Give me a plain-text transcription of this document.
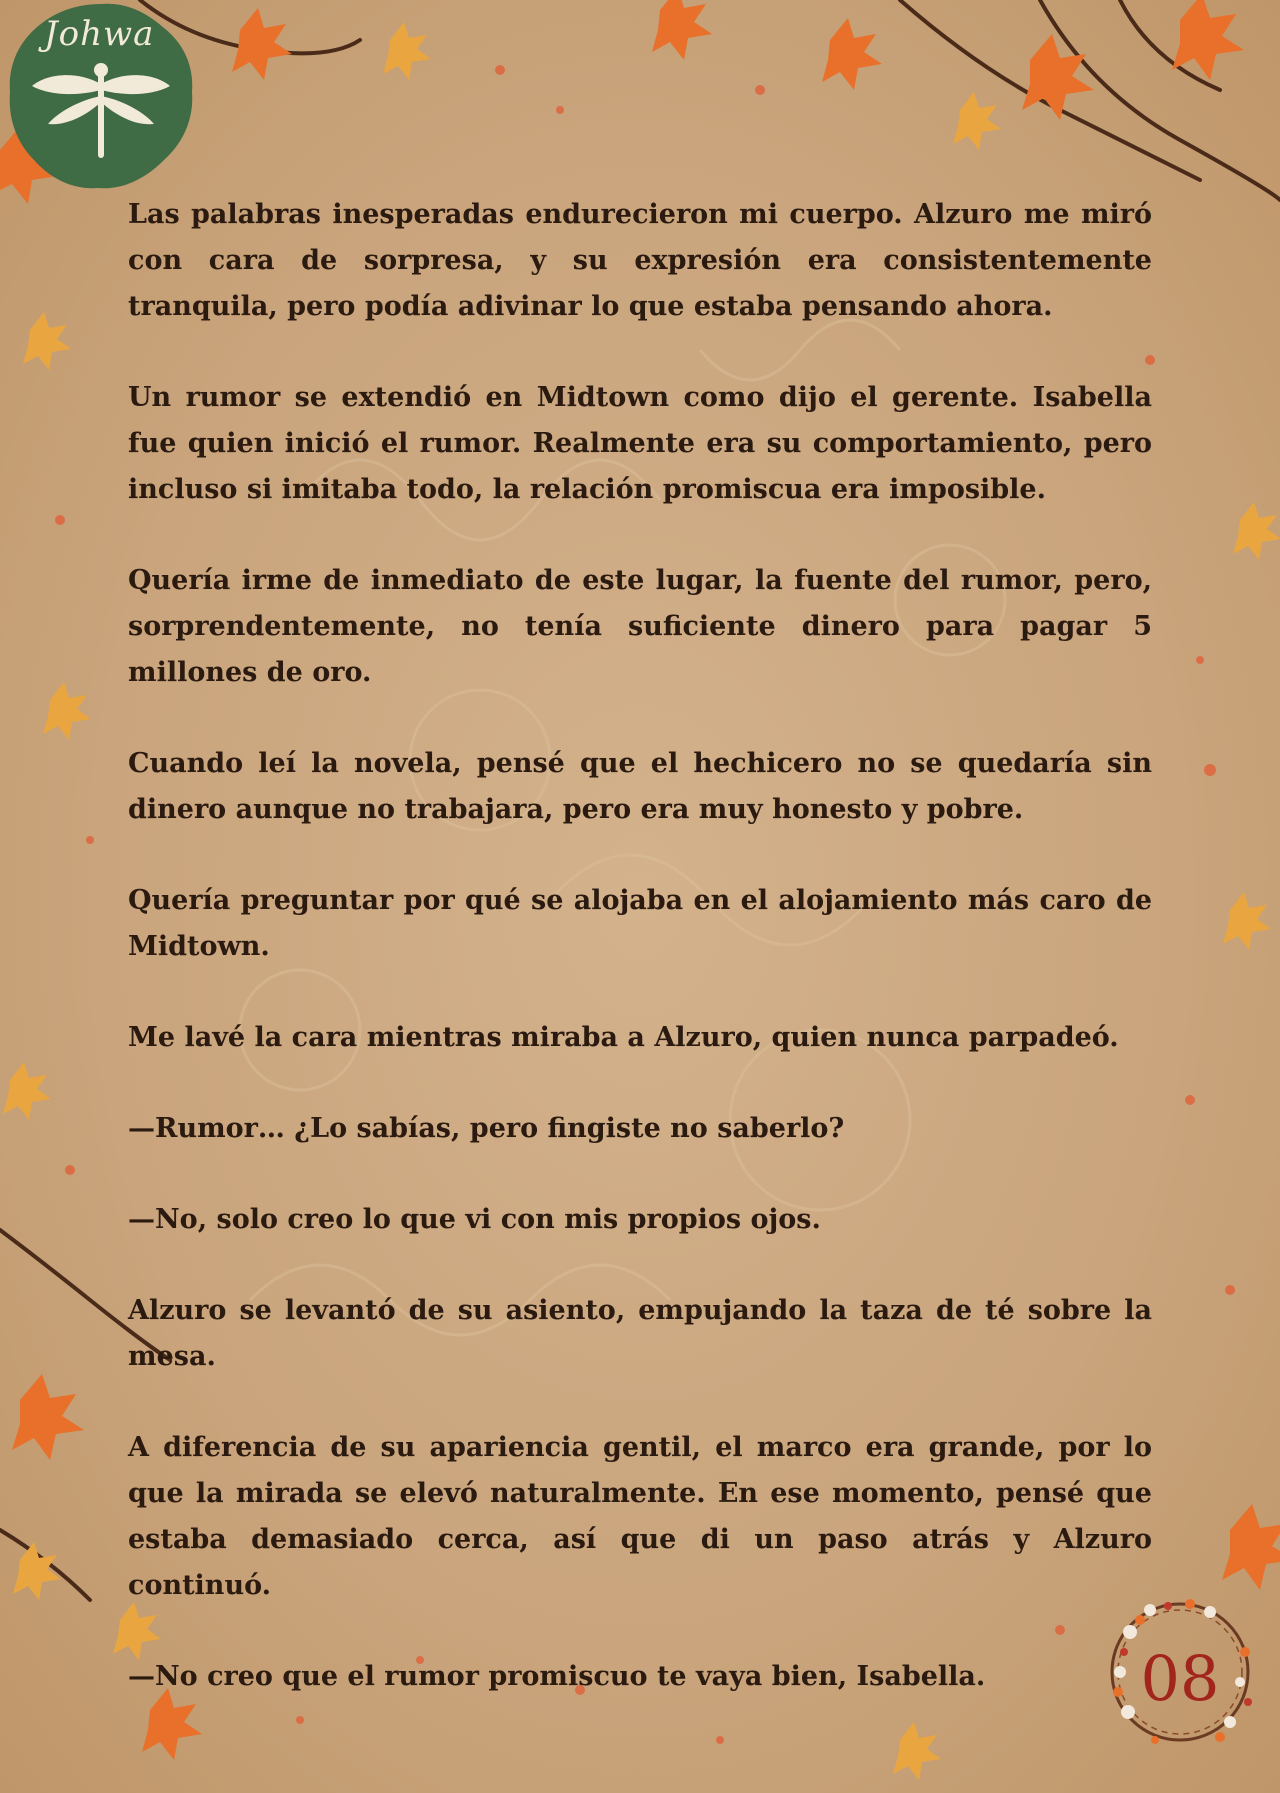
Johwa

Las palabras inesperadas endurecieron mi cuerpo. Alzuro me miró con cara de sorpresa, y su expresión era consistentemente tranquila, pero podía adivinar lo que estaba pensando ahora.

Un rumor se extendió en Midtown como dijo el gerente. Isabella fue quien inició el rumor. Realmente era su comportamiento, pero incluso si imitaba todo, la relación promiscua era imposible.

Quería irme de inmediato de este lugar, la fuente del rumor, pero, sorprendentemente, no tenía suficiente dinero para pagar 5 millones de oro.

Cuando leí la novela, pensé que el hechicero no se quedaría sin dinero aunque no trabajara, pero era muy honesto y pobre.

Quería preguntar por qué se alojaba en el alojamiento más caro de Midtown.

Me lavé la cara mientras miraba a Alzuro, quien nunca parpadeó.

—Rumor… ¿Lo sabías, pero fingiste no saberlo?

—No, solo creo lo que vi con mis propios ojos.

Alzuro se levantó de su asiento, empujando la taza de té sobre la mesa.

A diferencia de su apariencia gentil, el marco era grande, por lo que la mirada se elevó naturalmente. En ese momento, pensé que estaba demasiado cerca, así que di un paso atrás y Alzuro continuó.

—No creo que el rumor promiscuo te vaya bien, Isabella.	08
